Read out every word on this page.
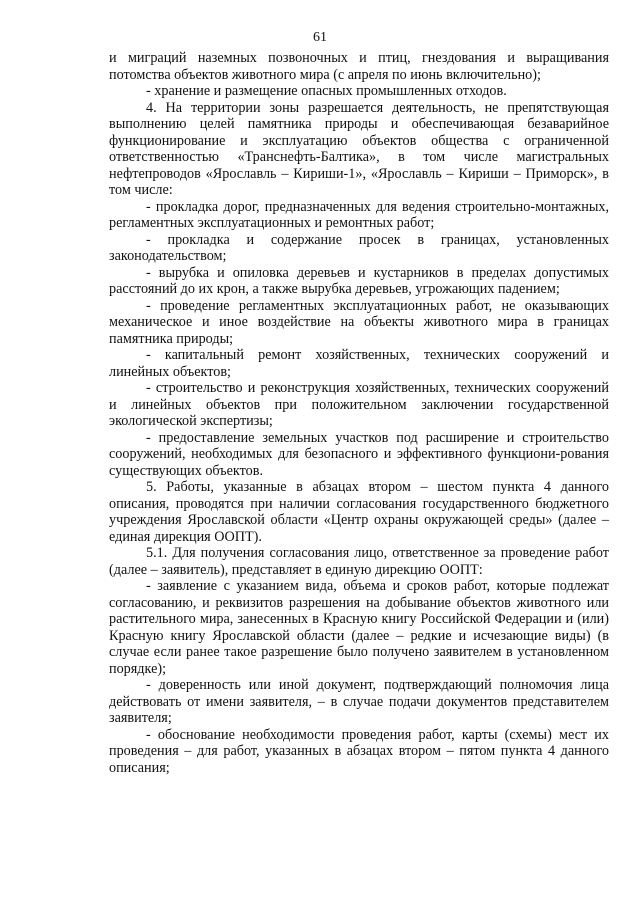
61

и миграций наземных позвоночных и птиц, гнездования и выращивания потомства объектов животного мира (с апреля по июнь включительно);

- хранение и размещение опасных промышленных отходов.

4. На территории зоны разрешается деятельность, не препятствующая выполнению целей памятника природы и обеспечивающая безаварийное функционирование и эксплуатацию объектов общества с ограниченной ответственностью «Транснефть-Балтика», в том числе магистральных нефтепроводов «Ярославль – Кириши-1», «Ярославль – Кириши – Приморск», в том числе:

- прокладка дорог, предназначенных для ведения строительно-монтажных, регламентных эксплуатационных и ремонтных работ;

- прокладка и содержание просек в границах, установленных законодательством;

- вырубка и опиловка деревьев и кустарников в пределах допустимых расстояний до их крон, а также вырубка деревьев, угрожающих падением;

- проведение регламентных эксплуатационных работ, не оказывающих механическое и иное воздействие на объекты животного мира в границах памятника природы;

- капитальный ремонт хозяйственных, технических сооружений и линейных объектов;

- строительство и реконструкция хозяйственных, технических сооружений и линейных объектов при положительном заключении государственной экологической экспертизы;

- предоставление земельных участков под расширение и строительство сооружений, необходимых для безопасного и эффективного функциони-рования существующих объектов.

5. Работы, указанные в абзацах втором – шестом пункта 4 данного описания, проводятся при наличии согласования государственного бюджетного учреждения Ярославской области «Центр охраны окружающей среды» (далее – единая дирекция ООПТ).

5.1. Для получения согласования лицо, ответственное за проведение работ (далее – заявитель), представляет в единую дирекцию ООПТ:

- заявление с указанием вида, объема и сроков работ, которые подлежат согласованию, и реквизитов разрешения на добывание объектов животного или растительного мира, занесенных в Красную книгу Российской Федерации и (или) Красную книгу Ярославской области (далее – редкие и исчезающие виды) (в случае если ранее такое разрешение было получено заявителем в установленном порядке);

- доверенность или иной документ, подтверждающий полномочия лица действовать от имени заявителя, – в случае подачи документов представителем заявителя;

- обоснование необходимости проведения работ, карты (схемы) мест их проведения – для работ, указанных в абзацах втором – пятом пункта 4 данного описания;
